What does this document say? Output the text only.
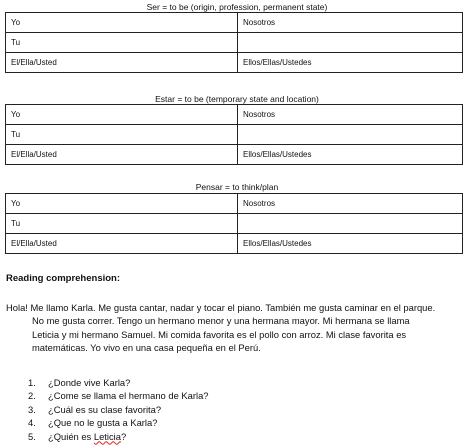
Ser = to be (origin, profession, permanent state)
Yo	Nosotros
Tu	
El/Ella/Usted	Ellos/Ellas/Ustedes
Estar = to be (temporary state and location)
Yo	Nosotros
Tu	
El/Ella/Usted	Ellos/Ellas/Ustedes
Pensar = to think/plan
Yo	Nosotros
Tu	
El/Ella/Usted	Ellos/Ellas/Ustedes
Reading comprehension:
Hola! Me llamo Karla. Me gusta cantar, nadar y tocar el piano. También me gusta caminar en el parque.
No me gusta correr. Tengo un hermano menor y una hermana mayor. Mi hermana se llama
Leticia y mi hermano Samuel. Mi comida favorita es el pollo con arroz. Mi clase favorita es
matemáticas. Yo vivo en una casa pequeña en el Perú.
1.	¿Donde vive Karla?
2.	¿Come se llama el hermano de Karla?
3.	¿Cuál es su clase favorita?
4.	¿Que no le gusta a Karla?
5.	¿Quién es Leticia?
